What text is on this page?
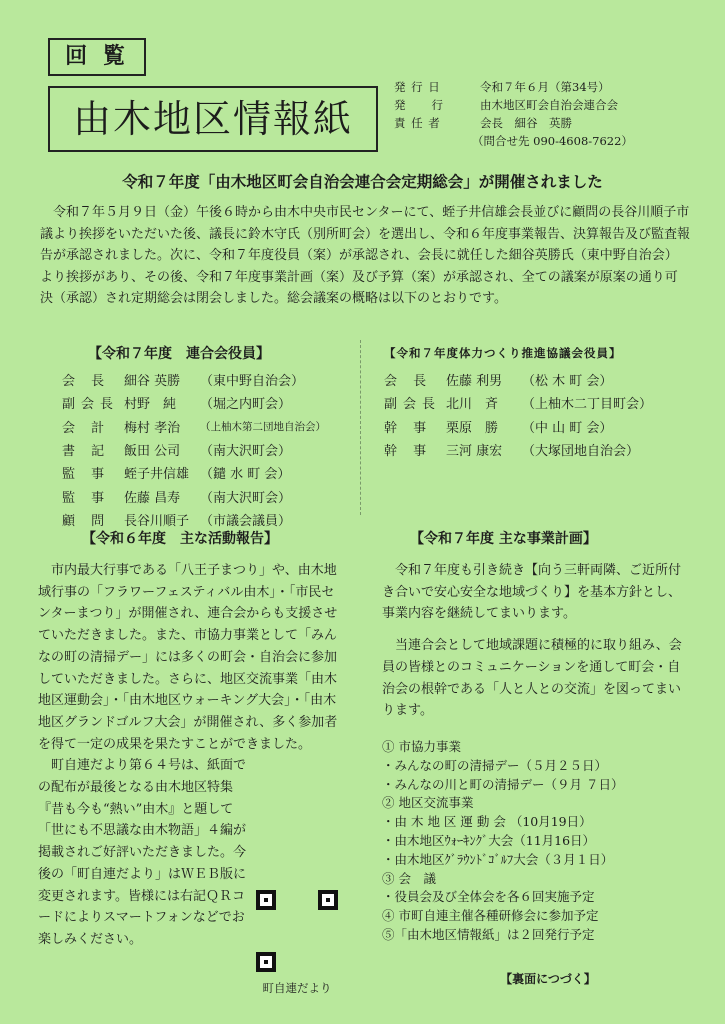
回 覧
由木地区情報紙
発 行 日	令和７年６月（第34号）
発　　行	由木地区町会自治会連合会
責 任 者	会長　細谷　英勝
（問合せ先 090-4608-7622）
令和７年度「由木地区町会自治会連合会定期総会」が開催されました
令和７年５月９日（金）午後６時から由木中央市民センターにて、蛭子井信雄会長並びに顧問の長谷川順子市議より挨拶をいただいた後、議長に鈴木守氏（別所町会）を選出し、令和６年度事業報告、決算報告及び監査報告が承認されました。次に、令和７年度役員（案）が承認され、会長に就任した細谷英勝氏（東中野自治会）より挨拶があり、その後、令和７年度事業計画（案）及び予算（案）が承認され、全ての議案が原案の通り可決（承認）され定期総会は閉会しました。総会議案の概略は以下のとおりです。
【令和７年度　連合会役員】
会 長	細谷 英勝	（東中野自治会）
副会長 村野　純	（堀之内町会）
会 計	梅村 孝治	（上柚木第二団地自治会）
書 記	飯田 公司	（南大沢町会）
監 事	蛭子井信雄 （鑓 水 町 会）
監 事	佐藤 昌寿	（南大沢町会）
顧 問	長谷川順子 （市議会議員）
【令和７年度体力つくり推進協議会役員】
会 長	佐藤 利男	（松 木 町 会）
副会長 北川　斉	（上柚木二丁目町会）
幹 事	栗原　勝	（中 山 町 会）
幹 事	三河 康宏	（大塚団地自治会）
【令和６年度　主な活動報告】

市内最大行事である「八王子まつり」や、由木地域行事の「フラワーフェスティバル由木」・「市民センターまつり」が開催され、連合会からも支援させていただきました。また、市協力事業として「みんなの町の清掃デー」には多くの町会・自治会に参加していただきました。さらに、地区交流事業「由木地区運動会」・「由木地区ウォーキング大会」・「由木地区グランドゴルフ大会」が開催され、多く参加者を得て一定の成果を果たすことができました。

町自連だより第６４号は、紙面での配布が最後となる由木地区特集『昔も今も“熱い”由木』と題して「世にも不思議な由木物語」４編が掲載されご好評いただきました。今後の「町自連だより」はＷＥＢ版に変更されます。皆様には右記ＱＲコードによりスマートフォンなどでお楽しみください。

町自連だより
【令和７年度 主な事業計画】

令和７年度も引き続き【向う三軒両隣、ご近所付き合いで安心安全な地域づくり】を基本方針とし、事業内容を継続してまいります。

当連合会として地域課題に積極的に取り組み、会員の皆様とのコミュニケーションを通して町会・自治会の根幹である「人と人との交流」を図ってまいります。

① 市協力事業
・みんなの町の清掃デー（５月２５日）
・みんなの川と町の清掃デー（９月 ７日）
② 地区交流事業
・由 木 地 区 運 動 会 （10月19日）
・由木地区ｳｫｰｷﾝｸﾞ大会（11月16日）
・由木地区ｸﾞﾗｳﾝﾄﾞｺﾞﾙﾌ大会（３月１日）
③ 会　議
・役員会及び全体会を各６回実施予定
④ 市町自連主催各種研修会に参加予定
⑤「由木地区情報紙」は２回発行予定
【裏面につづく】
